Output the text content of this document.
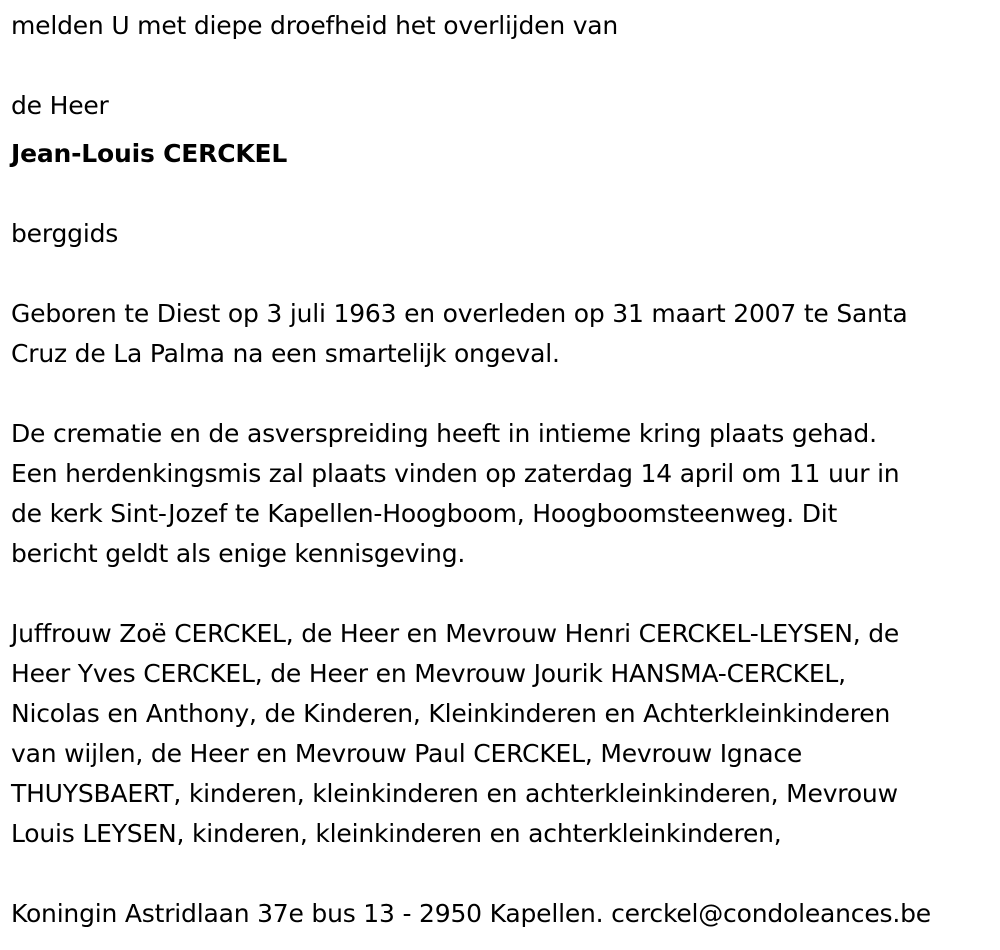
melden U met diepe droefheid het overlijden van

de Heer

Jean-Louis CERCKEL

berggids

Geboren te Diest op 3 juli 1963 en overleden op 31 maart 2007 te Santa

Cruz de La Palma na een smartelijk ongeval.

De crematie en de asverspreiding heeft in intieme kring plaats gehad.

Een herdenkingsmis zal plaats vinden op zaterdag 14 april om 11 uur in

de kerk Sint-Jozef te Kapellen-Hoogboom, Hoogboomsteenweg. Dit

bericht geldt als enige kennisgeving.

Juffrouw Zoë CERCKEL, de Heer en Mevrouw Henri CERCKEL-LEYSEN, de

Heer Yves CERCKEL, de Heer en Mevrouw Jourik HANSMA-CERCKEL,

Nicolas en Anthony, de Kinderen, Kleinkinderen en Achterkleinkinderen

van wijlen, de Heer en Mevrouw Paul CERCKEL, Mevrouw Ignace

THUYSBAERT, kinderen, kleinkinderen en achterkleinkinderen, Mevrouw

Louis LEYSEN, kinderen, kleinkinderen en achterkleinkinderen,

Koningin Astridlaan 37e bus 13 - 2950 Kapellen. cerckel@condoleances.be
